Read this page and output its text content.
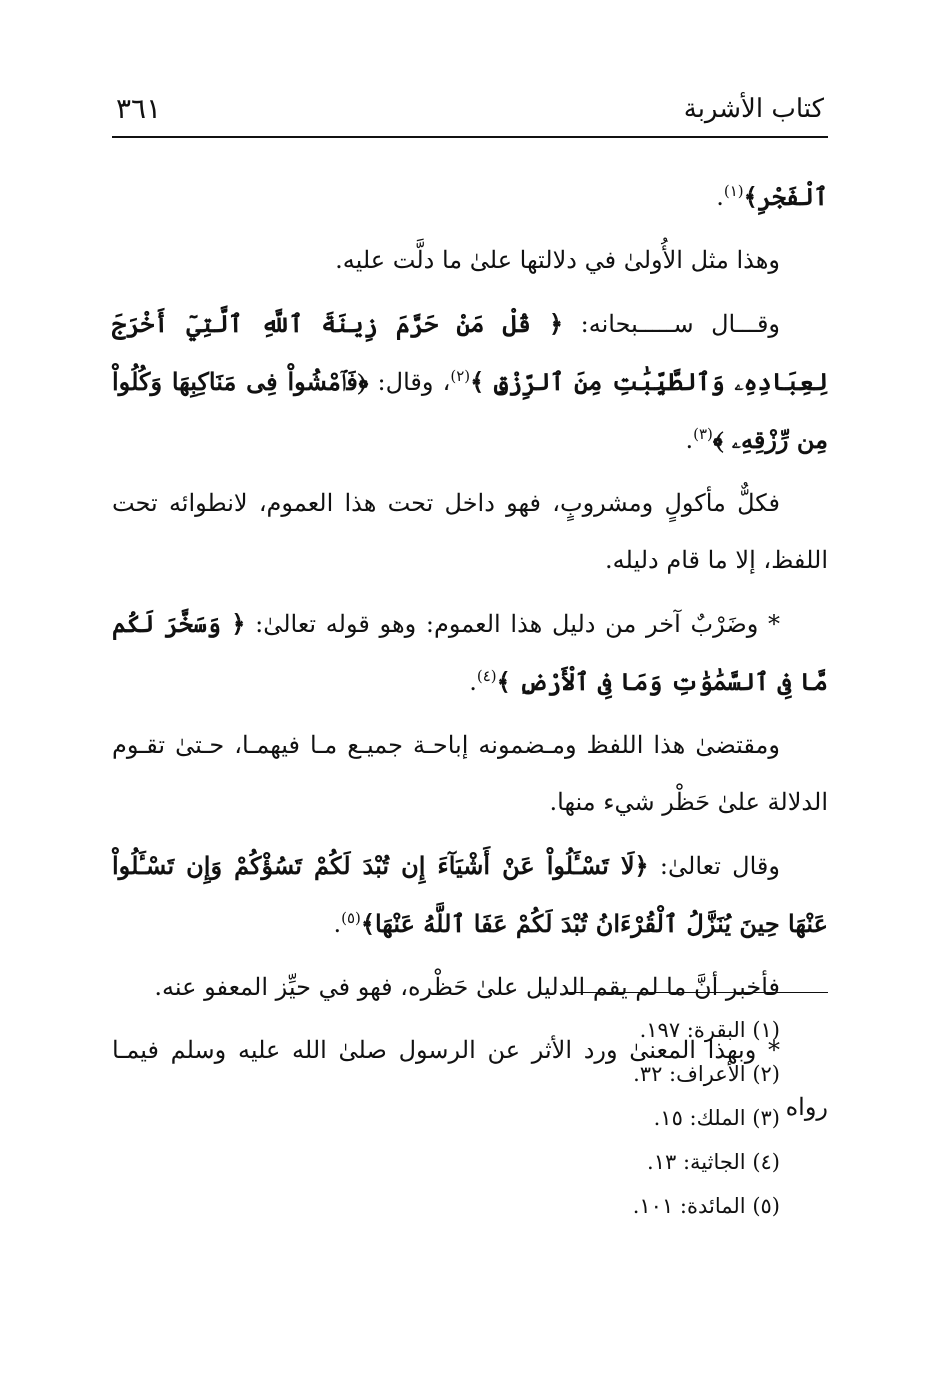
كتاب الأشربة
٣٦١

ٱلْفَجْرِ﴾$^{(١)}$.

وهذا مثل الأُولىٰ في دلالتها علىٰ ما دلَّت عليه.

وقـــال ســـــبحانه: ﴿ قُلْ مَنْ حَرَّمَ زِينَةَ ٱللَّهِ ٱلَّتِيٓ أَخْرَجَ لِعِبَادِهِۦ وَٱلطَّيِّبَٰتِ مِنَ ٱلرِّزْقِ ﴾$^{(٢)}$، وقال: ﴿فَٱمْشُواْ فِى مَنَاكِبِهَا وَكُلُواْ مِن رِّزْقِهِۦ ﴾$^{(٣)}$.

فكلٌّ مأكولٍ ومشروبٍ، فهو داخل تحت هذا العموم، لانطوائه تحت اللفظ، إلا ما قام دليله.

* وضَرْبٌ آخر من دليل هذا العموم: وهو قوله تعالىٰ: ﴿ وَسَخَّرَ لَكُم مَّا فِى ٱلسَّمَٰوَٰتِ وَمَا فِى ٱلْأَرْضِ ﴾$^{(٤)}$.

ومقتضىٰ هذا اللفظ ومـضمونه إباحـة جميـع مـا فيهمـا، حـتىٰ تقـوم الدلالة علىٰ حَظْر شيء منها.

وقال تعالىٰ: ﴿لَا تَسْـَٔلُواْ عَنْ أَشْيَآءَ إِن تُبْدَ لَكُمْ تَسُؤْكُمْ وَإِن تَسْـَٔلُواْ عَنْهَا حِينَ يُنَزَّلُ ٱلْقُرْءَانُ تُبْدَ لَكُمْ عَفَا ٱللَّهُ عَنْهَا﴾$^{(٥)}$.

فأخبر أنَّ ما لم يقم الدليل علىٰ حَظْره، فهو في حيِّز المعفو عنه.

* وبهذا المعنىٰ ورد الأثر عن الرسول صلىٰ الله عليه وسلم فيمـا رواه

(١) البقرة: ١٩٧.
(٢) الأعراف: ٣٢.
(٣) الملك: ١٥.
(٤) الجاثية: ١٣.
(٥) المائدة: ١٠١.
